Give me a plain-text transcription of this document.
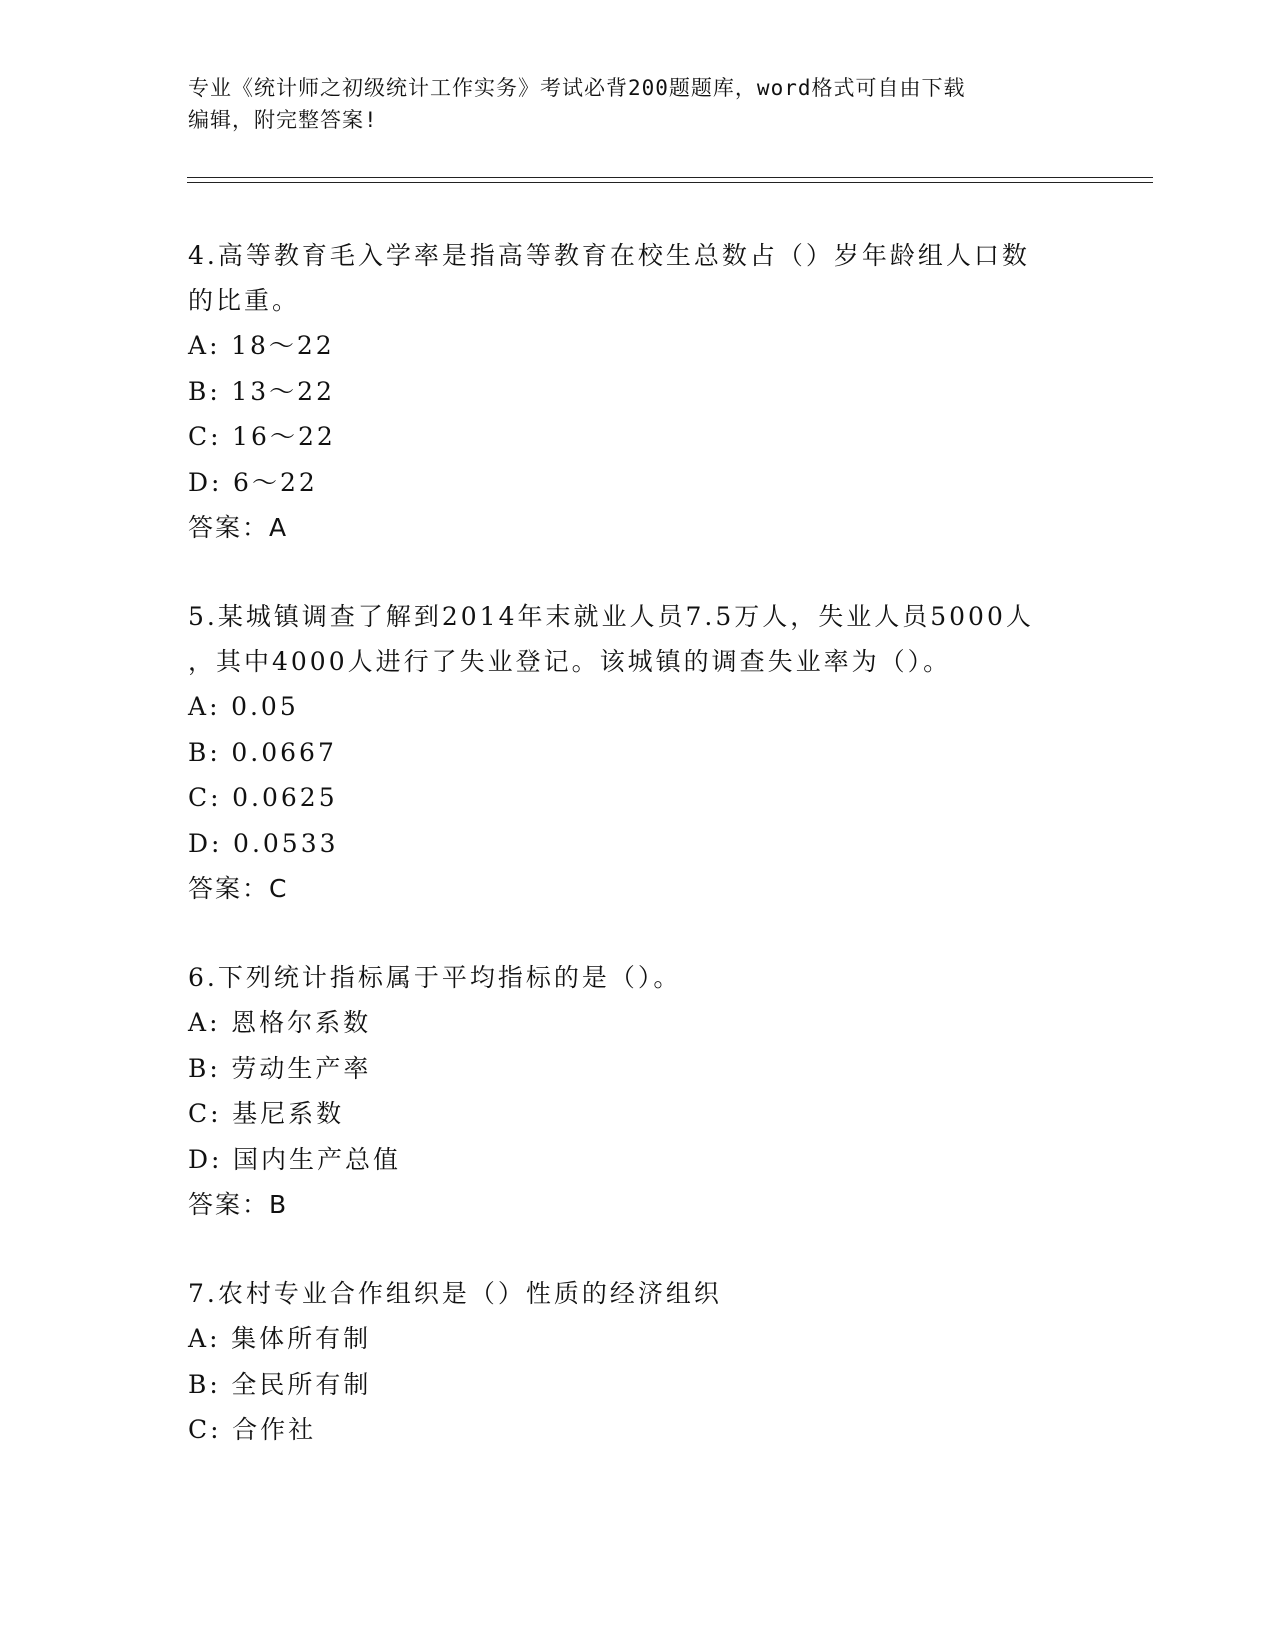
专业《统计师之初级统计工作实务》考试必背200题题库，word格式可自由下载
编辑，附完整答案!

4.高等教育毛入学率是指高等教育在校生总数占（）岁年龄组人口数
的比重。

A : 18～22
B : 13～22
C : 16～22
D : 6～22
答案：A

5.某城镇调查了解到2014年末就业人员7.5万人，失业人员5000人
，其中4000人进行了失业登记。该城镇的调查失业率为（）。

A : 0.05
B : 0.0667
C : 0.0625
D : 0.0533
答案：C

6.下列统计指标属于平均指标的是（）。

A : 恩格尔系数
B : 劳动生产率
C : 基尼系数
D : 国内生产总值
答案：B

7.农村专业合作组织是（）性质的经济组织

A : 集体所有制
B : 全民所有制
C : 合作社
